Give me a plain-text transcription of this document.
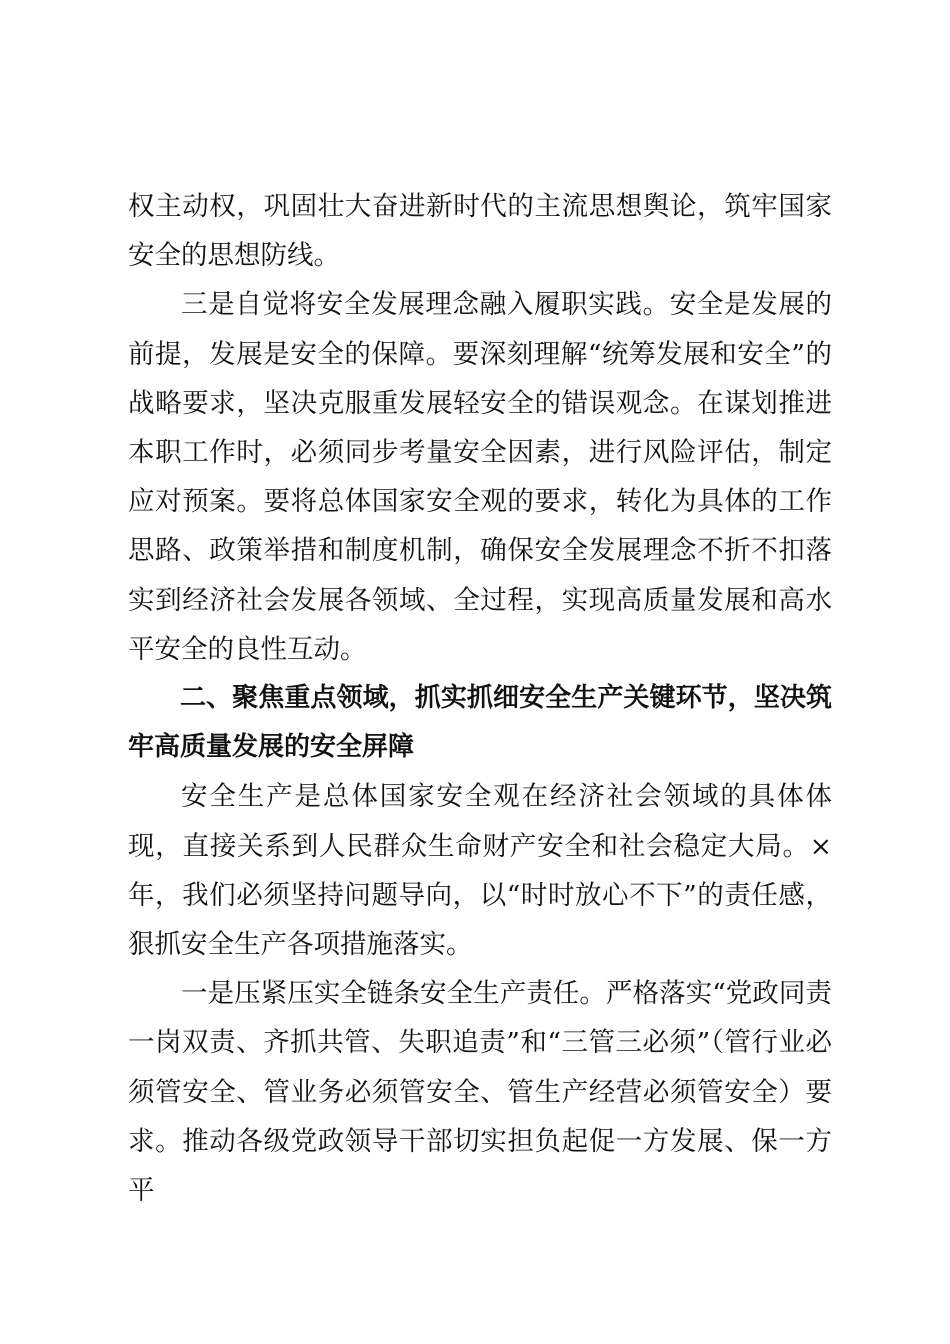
权主动权，巩固壮大奋进新时代的主流思想舆论，筑牢国家安全的思想防线。

三是自觉将安全发展理念融入履职实践。安全是发展的前提，发展是安全的保障。要深刻理解“统筹发展和安全”的战略要求，坚决克服重发展轻安全的错误观念。在谋划推进本职工作时，必须同步考量安全因素，进行风险评估，制定应对预案。要将总体国家安全观的要求，转化为具体的工作思路、政策举措和制度机制，确保安全发展理念不折不扣落实到经济社会发展各领域、全过程，实现高质量发展和高水平安全的良性互动。

二、聚焦重点领域，抓实抓细安全生产关键环节，坚决筑牢高质量发展的安全屏障

安全生产是总体国家安全观在经济社会领域的具体体现，直接关系到人民群众生命财产安全和社会稳定大局。×年，我们必须坚持问题导向，以“时时放心不下”的责任感，狠抓安全生产各项措施落实。

一是压紧压实全链条安全生产责任。严格落实“党政同责一岗双责、齐抓共管、失职追责”和“三管三必须”（管行业必须管安全、管业务必须管安全、管生产经营必须管安全）要求。推动各级党政领导干部切实担负起促一方发展、保一方平
